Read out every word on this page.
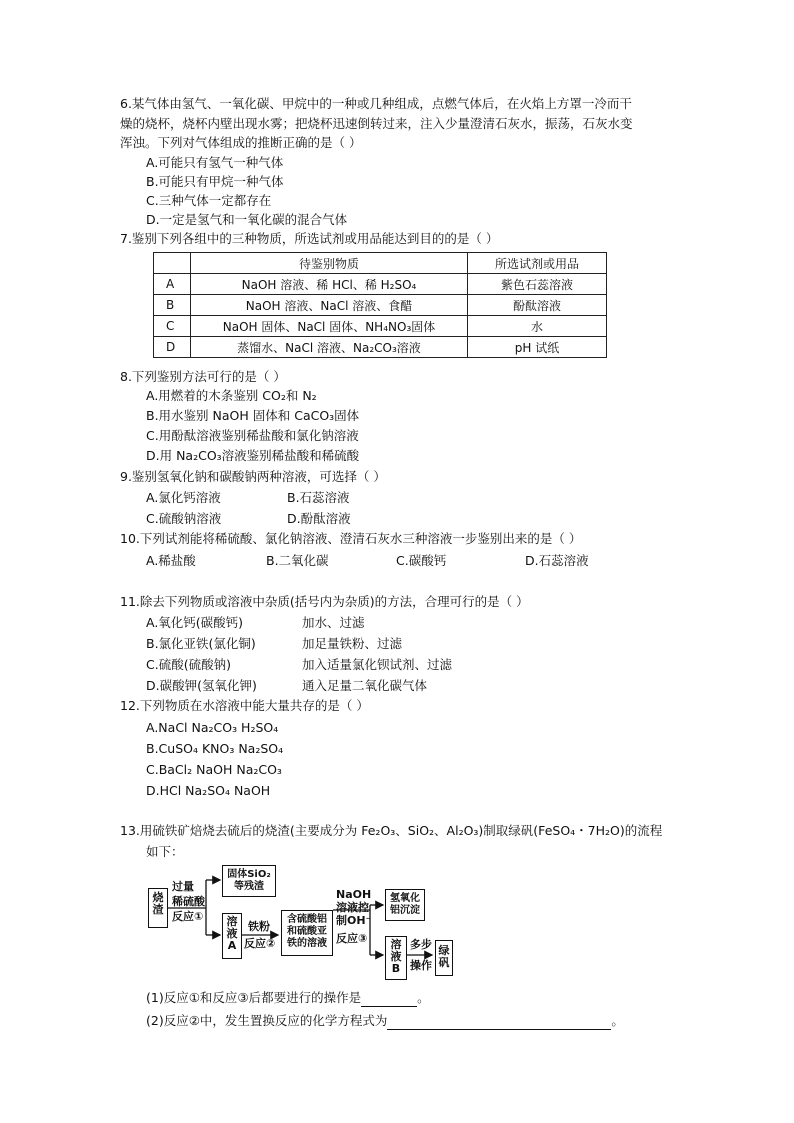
6.某气体由氢气、一氧化碳、甲烷中的一种或几种组成，点燃气体后，在火焰上方罩一冷而干
燥的烧杯，烧杯内壁出现水雾；把烧杯迅速倒转过来，注入少量澄清石灰水，振荡，石灰水变
浑浊。下列对气体组成的推断正确的是（ ）
A.可能只有氢气一种气体
B.可能只有甲烷一种气体
C.三种气体一定都存在
D.一定是氢气和一氧化碳的混合气体
7.鉴别下列各组中的三种物质，所选试剂或用品能达到目的的是（ ）
	待鉴别物质	所选试剂或用品
A	NaOH 溶液、稀 HCl、稀 H₂SO₄	紫色石蕊溶液
B	NaOH 溶液、NaCl 溶液、食醋	酚酞溶液
C	NaOH 固体、NaCl 固体、NH₄NO₃固体	水
D	蒸馏水、NaCl 溶液、Na₂CO₃溶液	pH 试纸
8.下列鉴别方法可行的是（ ）
A.用燃着的木条鉴别 CO₂和 N₂
B.用水鉴别 NaOH 固体和 CaCO₃固体
C.用酚酞溶液鉴别稀盐酸和氯化钠溶液
D.用 Na₂CO₃溶液鉴别稀盐酸和稀硫酸
9.鉴别氢氧化钠和碳酸钠两种溶液，可选择（ ）
A.氯化钙溶液	B.石蕊溶液
C.硫酸钠溶液	D.酚酞溶液
10.下列试剂能将稀硫酸、氯化钠溶液、澄清石灰水三种溶液一步鉴别出来的是（ ）
A.稀盐酸	B.二氧化碳	C.碳酸钙	D.石蕊溶液
11.除去下列物质或溶液中杂质(括号内为杂质)的方法，合理可行的是（ ）
A.氧化钙(碳酸钙)	加水、过滤
B.氯化亚铁(氯化铜)	加足量铁粉、过滤
C.硫酸(硫酸钠)	加入适量氯化钡试剂、过滤
D.碳酸钾(氢氧化钾)	通入足量二氧化碳气体
12.下列物质在水溶液中能大量共存的是（ ）
A.NaCl Na₂CO₃ H₂SO₄
B.CuSO₄ KNO₃ Na₂SO₄
C.BaCl₂ NaOH Na₂CO₃
D.HCl Na₂SO₄ NaOH
13.用硫铁矿焙烧去硫后的烧渣(主要成分为 Fe₂O₃、SiO₂、Al₂O₃)制取绿矾(FeSO₄・7H₂O)的流程
如下：
烧渣
过量
稀硫酸
反应①
固体SiO₂等残渣
溶液A
铁粉
反应②
含硫酸铝和硫酸亚铁的溶液
NaOH
溶液控
制OH⁻
反应③
氢氧化铝沉淀
溶液B
多步
操作
绿矾
(1)反应①和反应③后都要进行的操作是	。
(2)反应②中，发生置换反应的化学方程式为	。
